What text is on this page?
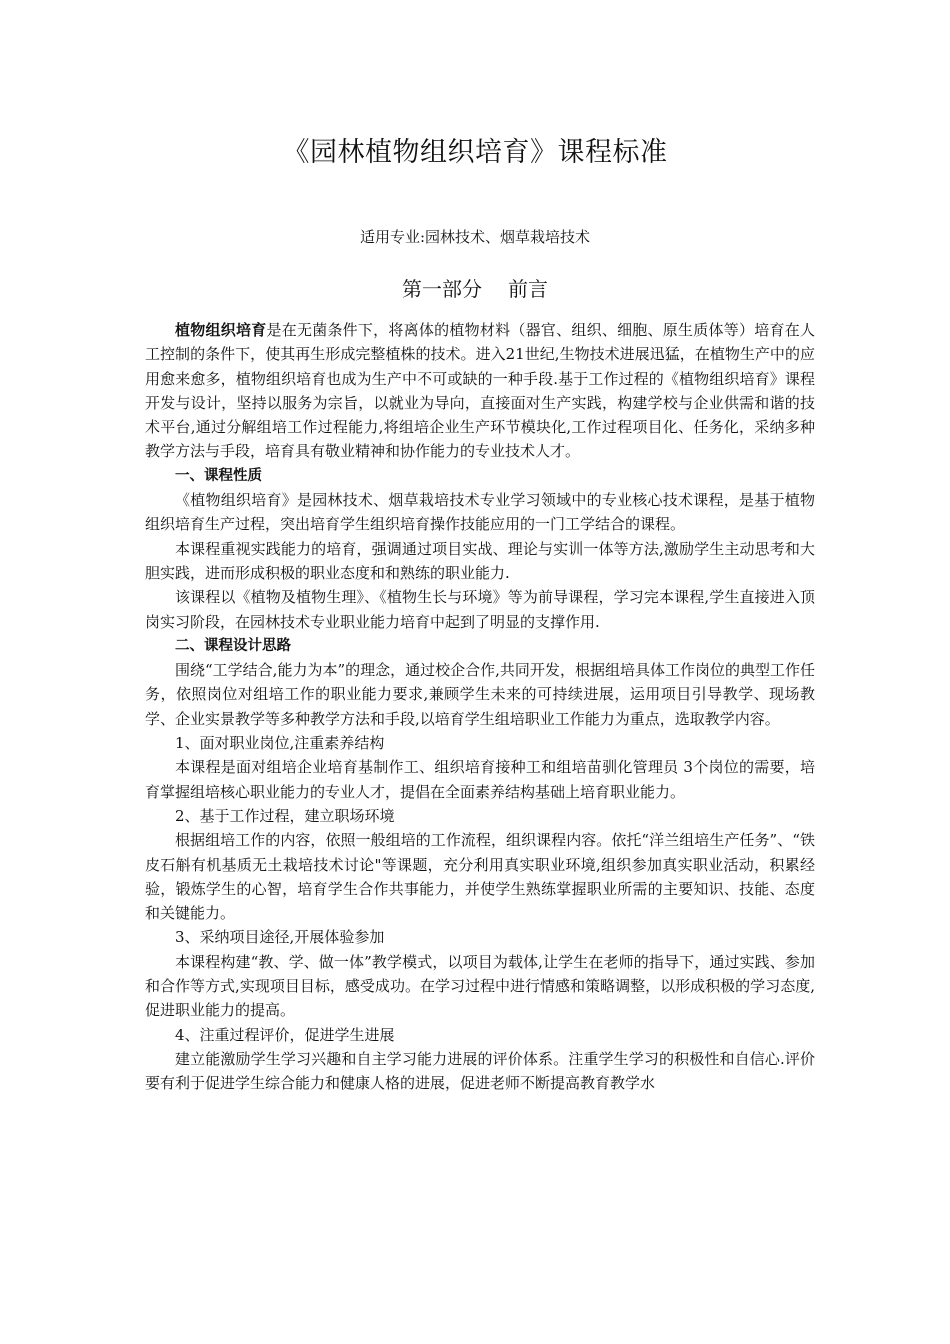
《园林植物组织培育》课程标准
适用专业:园林技术、烟草栽培技术
第一部分 前言

植物组织培育是在无菌条件下，将离体的植物材料（器官、组织、细胞、原生质体等）培育在人工控制的条件下，使其再生形成完整植株的技术。进入21世纪,生物技术进展迅猛，在植物生产中的应用愈来愈多，植物组织培育也成为生产中不可或缺的一种手段.基于工作过程的《植物组织培育》课程开发与设计，坚持以服务为宗旨，以就业为导向，直接面对生产实践，构建学校与企业供需和谐的技术平台,通过分解组培工作过程能力,将组培企业生产环节模块化,工作过程项目化、任务化，采纳多种教学方法与手段，培育具有敬业精神和协作能力的专业技术人才。

一、课程性质

《植物组织培育》是园林技术、烟草栽培技术专业学习领域中的专业核心技术课程，是基于植物组织培育生产过程，突出培育学生组织培育操作技能应用的一门工学结合的课程。

本课程重视实践能力的培育，强调通过项目实战、理论与实训一体等方法,激励学生主动思考和大胆实践，进而形成积极的职业态度和和熟练的职业能力.

该课程以《植物及植物生理》、《植物生长与环境》等为前导课程，学习完本课程,学生直接进入顶岗实习阶段，在园林技术专业职业能力培育中起到了明显的支撑作用.

二、课程设计思路

围绕“工学结合,能力为本”的理念，通过校企合作,共同开发，根据组培具体工作岗位的典型工作任务，依照岗位对组培工作的职业能力要求,兼顾学生未来的可持续进展，运用项目引导教学、现场教学、企业实景教学等多种教学方法和手段,以培育学生组培职业工作能力为重点，选取教学内容。

1、面对职业岗位,注重素养结构

本课程是面对组培企业培育基制作工、组织培育接种工和组培苗驯化管理员 3个岗位的需要，培育掌握组培核心职业能力的专业人才，提倡在全面素养结构基础上培育职业能力。

2、基于工作过程，建立职场环境

根据组培工作的内容，依照一般组培的工作流程，组织课程内容。依托“洋兰组培生产任务”、“铁皮石斛有机基质无土栽培技术讨论"等课题，充分利用真实职业环境,组织参加真实职业活动，积累经验，锻炼学生的心智，培育学生合作共事能力，并使学生熟练掌握职业所需的主要知识、技能、态度和关键能力。

3、采纳项目途径,开展体验参加

本课程构建“教、学、做一体”教学模式，以项目为载体,让学生在老师的指导下，通过实践、参加和合作等方式,实现项目目标，感受成功。在学习过程中进行情感和策略调整，以形成积极的学习态度,促进职业能力的提高。

4、注重过程评价，促进学生进展

建立能激励学生学习兴趣和自主学习能力进展的评价体系。注重学生学习的积极性和自信心.评价要有利于促进学生综合能力和健康人格的进展，促进老师不断提高教育教学水
